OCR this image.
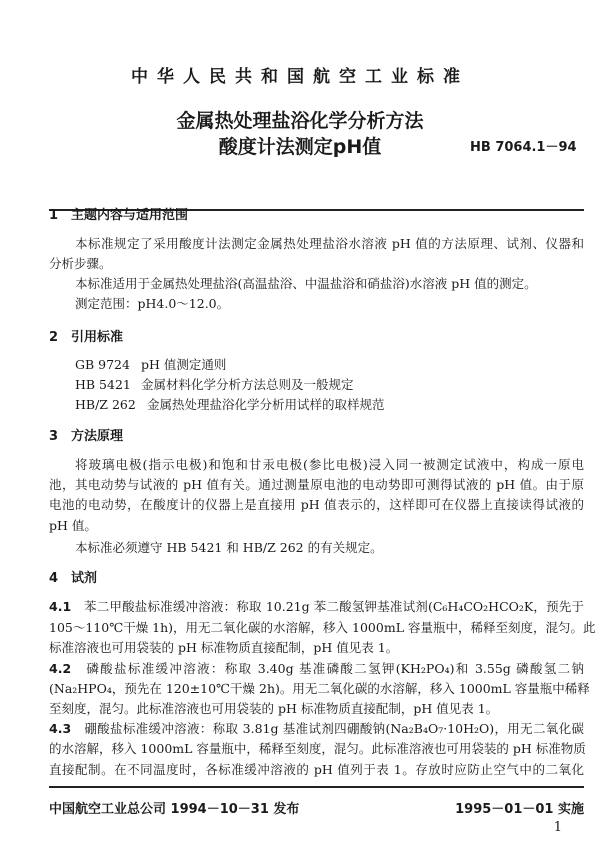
中华人民共和国航空工业标准
金属热处理盐浴化学分析方法
酸度计法测定pH值	HB 7064.1－94
1　主题内容与适用范围
本标准规定了采用酸度计法测定金属热处理盐浴水溶液 pH 值的方法原理、试剂、仪器和
分析步骤。
本标准适用于金属热处理盐浴(高温盐浴、中温盐浴和硝盐浴)水溶液 pH 值的测定。
测定范围：pH4.0～12.0。
2　引用标准
GB 9724 pH 值测定通则
HB 5421 金属材料化学分析方法总则及一般规定
HB/Z 262 金属热处理盐浴化学分析用试样的取样规范
3　方法原理
将玻璃电极(指示电极)和饱和甘汞电极(参比电极)浸入同一被测定试液中，构成一原电
池，其电动势与试液的 pH 值有关。通过测量原电池的电动势即可测得试液的 pH 值。由于原
电池的电动势，在酸度计的仪器上是直接用 pH 值表示的，这样即可在仪器上直接读得试液的
pH 值。
本标准必须遵守 HB 5421 和 HB/Z 262 的有关规定。
4　试剂
4.1　 苯二甲酸盐标准缓冲溶液：称取 10.21g 苯二酸氢钾基准试剂(C₆H₄CO₂HCO₂K，预先于
105～110℃干燥 1h)，用无二氧化碳的水溶解，移入 1000mL 容量瓶中，稀释至刻度，混匀。此
标准溶液也可用袋装的 pH 标准物质直接配制，pH 值见表 1。
4.2　 磷酸盐标准缓冲溶液：称取 3.40g 基准磷酸二氢钾(KH₂PO₄)和 3.55g 磷酸氢二钠
(Na₂HPO₄，预先在 120±10℃干燥 2h)。用无二氧化碳的水溶解，移入 1000mL 容量瓶中稀释
至刻度，混匀。此标准溶液也可用袋装的 pH 标准物质直接配制，pH 值见表 1。
4.3　 硼酸盐标准缓冲溶液：称取 3.81g 基准试剂四硼酸钠(Na₂B₄O₇·10H₂O)，用无二氧化碳
的水溶解，移入 1000mL 容量瓶中，稀释至刻度，混匀。此标准溶液也可用袋装的 pH 标准物质
直接配制。在不同温度时，各标准缓冲溶液的 pH 值列于表 1。存放时应防止空气中的二氧化
中国航空工业总公司 1994－10－31 发布	1995－01－01 实施
1
